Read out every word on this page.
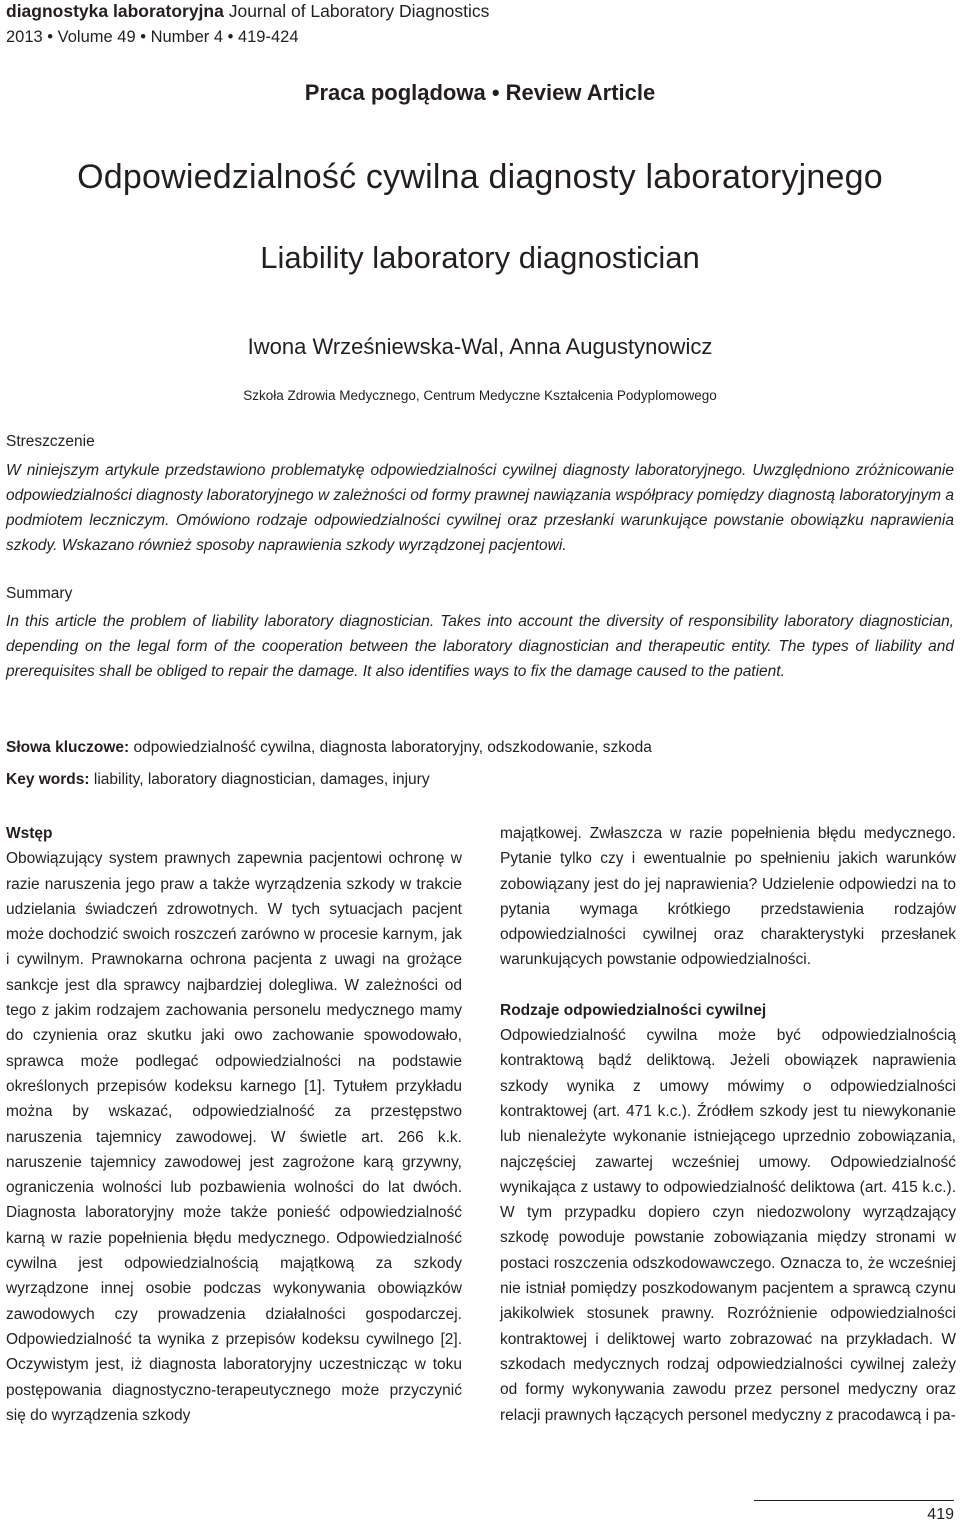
diagnostyka laboratoryjna Journal of Laboratory Diagnostics
2013 • Volume 49 • Number 4 • 419-424
Praca poglądowa • Review Article
Odpowiedzialność cywilna diagnosty laboratoryjnego
Liability laboratory diagnostician
Iwona Wrześniewska-Wal, Anna Augustynowicz
Szkoła Zdrowia Medycznego, Centrum Medyczne Kształcenia Podyplomowego
Streszczenie
W niniejszym artykule przedstawiono problematykę odpowiedzialności cywilnej diagnosty laboratoryjnego. Uwzględniono zróżnicowanie odpowiedzialności diagnosty laboratoryjnego w zależności od formy prawnej nawiązania współpracy pomiędzy diagnostą laboratoryjnym a podmiotem leczniczym. Omówiono rodzaje odpowiedzialności cywilnej oraz przesłanki warunkujące powstanie obowiązku naprawienia szkody. Wskazano również sposoby naprawienia szkody wyrządzonej pacjentowi.
Summary
In this article the problem of liability laboratory diagnostician. Takes into account the diversity of responsibility laboratory diagnostician, depending on the legal form of the cooperation between the laboratory diagnostician and therapeutic entity. The types of liability and prerequisites shall be obliged to repair the damage. It also identifies ways to fix the damage caused to the patient.
Słowa kluczowe: odpowiedzialność cywilna, diagnosta laboratoryjny, odszkodowanie, szkoda
Key words: liability, laboratory diagnostician, damages, injury
Wstęp
Obowiązujący system prawnych zapewnia pacjentowi ochronę w razie naruszenia jego praw a także wyrządzenia szkody w trakcie udzielania świadczeń zdrowotnych. W tych sytuacjach pacjent może dochodzić swoich roszczeń zarówno w procesie karnym, jak i cywilnym. Prawnokarna ochrona pacjenta z uwagi na grożące sankcje jest dla sprawcy najbardziej dolegliwa. W zależności od tego z jakim rodzajem zachowania personelu medycznego mamy do czynienia oraz skutku jaki owo zachowanie spowodowało, sprawca może podlegać odpowiedzialności na podstawie określonych przepisów kodeksu karnego [1]. Tytułem przykładu można by wskazać, odpowiedzialność za przestępstwo naruszenia tajemnicy zawodowej. W świetle art. 266 k.k. naruszenie tajemnicy zawodowej jest zagrożone karą grzywny, ograniczenia wolności lub pozbawienia wolności do lat dwóch. Diagnosta laboratoryjny może także ponieść odpowiedzialność karną w razie popełnienia błędu medycznego. Odpowiedzialność cywilna jest odpowiedzialnością majątkową za szkody wyrządzone innej osobie podczas wykonywania obowiązków zawodowych czy prowadzenia działalności gospodarczej. Odpowiedzialność ta wynika z przepisów kodeksu cywilnego [2]. Oczywistym jest, iż diagnosta laboratoryjny uczestnicząc w toku postępowania diagnostyczno-terapeutycznego może przyczynić się do wyrządzenia szkody
majątkowej. Zwłaszcza w razie popełnienia błędu medycznego. Pytanie tylko czy i ewentualnie po spełnieniu jakich warunków zobowiązany jest do jej naprawienia? Udzielenie odpowiedzi na to pytania wymaga krótkiego przedstawienia rodzajów odpowiedzialności cywilnej oraz charakterystyki przesłanek warunkujących powstanie odpowiedzialności.
Rodzaje odpowiedzialności cywilnej
Odpowiedzialność cywilna może być odpowiedzialnością kontraktową bądź deliktową. Jeżeli obowiązek naprawienia szkody wynika z umowy mówimy o odpowiedzialności kontraktowej (art. 471 k.c.). Źródłem szkody jest tu niewykonanie lub nienależyte wykonanie istniejącego uprzednio zobowiązania, najczęściej zawartej wcześniej umowy. Odpowiedzialność wynikająca z ustawy to odpowiedzialność deliktowa (art. 415 k.c.). W tym przypadku dopiero czyn niedozwolony wyrządzający szkodę powoduje powstanie zobowiązania między stronami w postaci roszczenia odszkodowawczego. Oznacza to, że wcześniej nie istniał pomiędzy poszkodowanym pacjentem a sprawcą czynu jakikolwiek stosunek prawny. Rozróżnienie odpowiedzialności kontraktowej i deliktowej warto zobrazować na przykładach. W szkodach medycznych rodzaj odpowiedzialności cywilnej zależy od formy wykonywania zawodu przez personel medyczny oraz relacji prawnych łączących personel medyczny z pracodawcą i pa-
419
